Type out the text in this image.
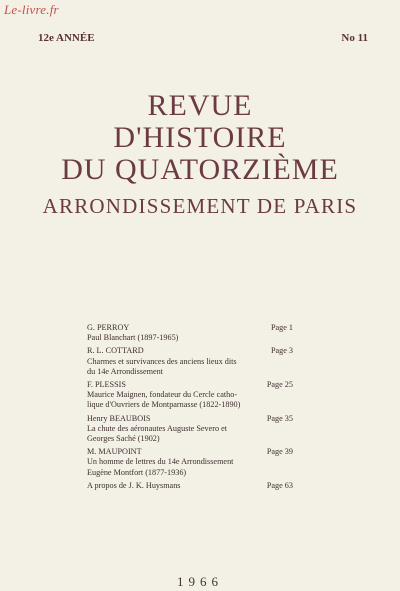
Le-livre.fr
12e ANNÉE	No 11
REVUE
D'HISTOIRE
DU QUATORZIÈME
ARRONDISSEMENT DE PARIS
G. PERROY	Page 1
Paul Blanchart (1897-1965)
R. L. COTTARD	Page 3
Charmes et survivances des anciens lieux dits
du 14e Arrondissement
F. PLESSIS	Page 25
Maurice Maignen, fondateur du Cercle catho-
lique d'Ouvriers de Montparnasse (1822-1890)
Henry BEAUBOIS	Page 35
La chute des aéronautes Auguste Severo et
Georges Saché (1902)
M. MAUPOINT	Page 39
Un homme de lettres du 14e Arrondissement
Eugène Montfort (1877-1936)
A propos de J. K. Huysmans	Page 63
1966
